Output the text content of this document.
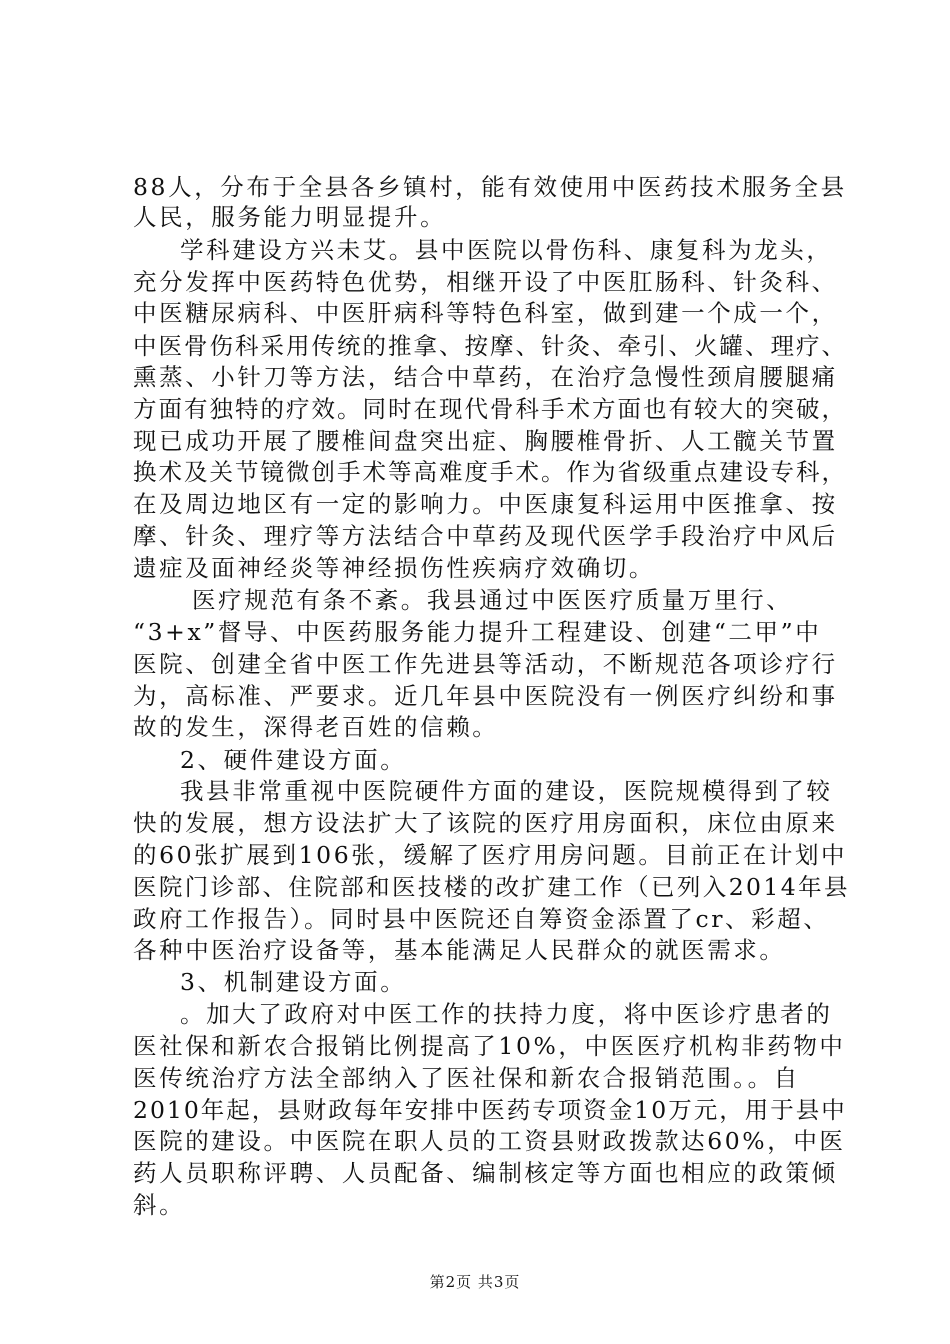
88人，分布于全县各乡镇村，能有效使用中医药技术服务全县
人民，服务能力明显提升。
学科建设方兴未艾。县中医院以骨伤科、康复科为龙头，
充分发挥中医药特色优势，相继开设了中医肛肠科、针灸科、
中医糖尿病科、中医肝病科等特色科室，做到建一个成一个，
中医骨伤科采用传统的推拿、按摩、针灸、牵引、火罐、理疗、
熏蒸、小针刀等方法，结合中草药，在治疗急慢性颈肩腰腿痛
方面有独特的疗效。同时在现代骨科手术方面也有较大的突破，
现已成功开展了腰椎间盘突出症、胸腰椎骨折、人工髋关节置
换术及关节镜微创手术等高难度手术。作为省级重点建设专科，
在及周边地区有一定的影响力。中医康复科运用中医推拿、按
摩、针灸、理疗等方法结合中草药及现代医学手段治疗中风后
遗症及面神经炎等神经损伤性疾病疗效确切。
医疗规范有条不紊。我县通过中医医疗质量万里行、
“3+x”督导、中医药服务能力提升工程建设、创建“二甲”中
医院、创建全省中医工作先进县等活动，不断规范各项诊疗行
为，高标准、严要求。近几年县中医院没有一例医疗纠纷和事
故的发生，深得老百姓的信赖。
2、硬件建设方面。
我县非常重视中医院硬件方面的建设，医院规模得到了较
快的发展，想方设法扩大了该院的医疗用房面积，床位由原来
的60张扩展到106张，缓解了医疗用房问题。目前正在计划中
医院门诊部、住院部和医技楼的改扩建工作（已列入2014年县
政府工作报告）。同时县中医院还自筹资金添置了cr、彩超、
各种中医治疗设备等，基本能满足人民群众的就医需求。
3、机制建设方面。
。加大了政府对中医工作的扶持力度，将中医诊疗患者的
医社保和新农合报销比例提高了10%，中医医疗机构非药物中
医传统治疗方法全部纳入了医社保和新农合报销范围。。自
2010年起，县财政每年安排中医药专项资金10万元，用于县中
医院的建设。中医院在职人员的工资县财政拨款达60%，中医
药人员职称评聘、人员配备、编制核定等方面也相应的政策倾
斜。
第2页 共3页
